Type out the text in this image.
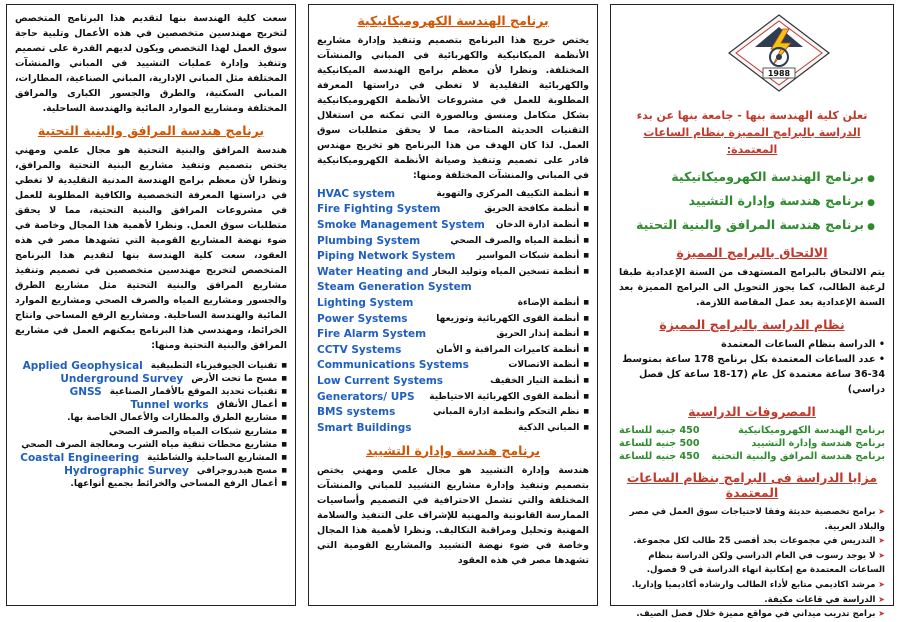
سعت كلية الهندسة بنها لتقديم هذا البرنامج المتخصص لتخريج مهندسين متخصصين في هذه الأعمال وتلبية حاجة سوق العمل لهذا التخصص ويكون لديهم القدرة على تصميم وتنفيذ وإدارة عمليات التشييد في المباني والمنشآت المختلفة مثل المباني الإدارية، المباني الصناعية، المطارات، المباني السكنية، والطرق والجسور الكبارى والمرافق المختلفة ومشاريع الموارد المائية والهندسة الساحلية.

برنامج هندسة المرافق والبنية التحتية

هندسة المرافق والبنية التحتية هو مجال علمي ومهني يختص بتصميم وتنفيذ مشاريع البنية التحتية والمرافق، ونظرا لأن معظم برامج الهندسة المدنية التقليدية لا تغطي في دراستها المعرفة التخصصية والكافية المطلوبة للعمل في مشروعات المرافق والبنية التحتية، مما لا يحقق متطلبات سوق العمل. ونظرا لأهمية هذا المجال وخاصة في ضوء نهضة المشاريع القومية التي تشهدها مصر في هذه العقود، سعت كلية الهندسة بنها لتقديم هذا البرنامج المتخصص لتخريج مهندسين متخصصين في تصميم وتنفيذ مشاريع المرافق والبنية التحتية مثل مشاريع الطرق والجسور ومشاريع المياه والصرف الصحي ومشاريع الموارد المائية والهندسة الساحلية. ومشاريع الرفع المساحي وانتاج الخرائط، ومهندسي هذا البرنامج يمكنهم العمل في مشاريع المرافق والبنية التحتية ومنها:

■ تقنيات الجيوفيزياء التطبيقية
Applied Geophysical
■ مسح ما تحت الأرض
Underground Survey
■ تقنيات تحديد الموقع بالأقمار الصناعية
GNSS
■ أعمال الأنفاق
Tunnel works
■ مشاريع الطرق والمطارات والأعمال الخاصة بها.
■ مشاريع شبكات المياه والصرف الصحي
■ مشاريع محطات تنقية مياه الشرب ومعالجة الصرف الصحي
■ المشاريع الساحلية والشاطئية
Coastal Engineering
■ مسح هيدروجرافي
Hydrographic Survey
■ أعمال الرفع المساحي والخرائط بجميع أنواعها.
برنامج الهندسة الكهروميكانيكية

يختص خريج هذا البرنامج بتصميم وتنفيذ وإدارة مشاريع الأنظمة الميكانيكية والكهربائية في المباني والمنشآت المختلفة. ونظرا لأن معظم برامج الهندسة الميكانيكية والكهربائية التقليدية لا تغطي في دراستها المعرفة المطلوبة للعمل في مشروعات الأنظمة الكهروميكانيكية بشكل متكامل ومنسق وبالصورة التي تمكنه من استغلال التقنيات الحديثة المتاحة، مما لا يحقق متطلبات سوق العمل. لذا كان الهدف من هذا البرنامج هو تخريج مهندس قادر على تصميم وتنفيذ وصيانة الأنظمة الكهروميكانيكية في المباني والمنشآت المختلفة ومنها:

■ أنظمة التكييف المركزي والتهوية
HVAC system
■ أنظمة مكافحة الحريق
Fire Fighting System
■ أنظمة ادارة الدخان
Smoke Management System
■ أنظمة المياه والصرف الصحي
Plumbing System
■ أنظمة شبكات المواسير
Piping Network System
■ أنظمة تسخين المياه وتوليد البخار
Water Heating and
Steam Generation System
■ أنظمة الإضاءة
Lighting System
■ أنظمة القوى الكهربائية وتوزيعها
Power Systems
■ أنظمة إنذار الحريق
Fire Alarm System
■ أنظمة كاميرات المراقبة و الأمان
CCTV Systems
■ أنظمة الاتصالات
Communications Systems
■ أنظمة التيار الخفيف
Low Current Systems
■ أنظمة القوى الكهربائية الاحتياطية
Generators/ UPS
■ نظم التحكم وانظمة ادارة المباني
BMS systems
■ المباني الذكية
Smart Buildings
برنامج هندسة وإدارة التشييد

هندسة وإدارة التشييد هو مجال علمي ومهني يختص بتصميم وتنفيذ وإدارة مشاريع التشييد للمباني والمنشآت المختلفة والتي تشمل الاحترافية في التصميم وأساسيات الممارسة القانونية والمهنية للإشراف على التنفيذ والسلامة المهنية وتحليل ومراقبة التكاليف. ونظرا لأهمية هذا المجال وخاصة في ضوء نهضة التشييد والمشاريع القومية التي تشهدها مصر في هذه العقود

1988
تعلن كلية الهندسة بنها - جامعة بنها عن بدء
الدراسة بالبرامج المميزة بنظام الساعات المعتمدة:
● برنامج الهندسة الكهروميكانيكية
● برنامج هندسة وإدارة التشييد
● برنامج هندسة المرافق والبنية التحتية
الالتحاق بالبرامج المميزة

يتم الالتحاق بالبرامج المستهدف من السنة الإعدادية طبقا لرغبة الطالب، كما يجوز التحويل الى البرامج المميزة بعد السنة الإعدادية بعد عمل المقاصة اللازمة.

نظام الدراسة بالبرامج المميزة
• الدراسة بنظام الساعات المعتمدة
• عدد الساعات المعتمدة بكل برنامج 178 ساعة بمتوسط 34-36 ساعة معتمدة كل عام (17-18 ساعة كل فصل دراسي)
المصروفات الدراسية
برنامج الهندسة الكهروميكانيكية	450 جنيه للساعة
برنامج هندسة وإدارة التشييد	500 جنيه للساعة
برنامج هندسة المرافق والبنية التحتية	450 جنيه للساعة
مزايا الدراسة فى البرامج بنظام الساعات المعتمدة
➤ برامج تخصصية حديثة وفقا لاحتياجات سوق العمل في مصر والبلاد العربية.
➤ التدريس في مجموعات بحد أقصى 25 طالب لكل مجموعة.
➤ لا يوجد رسوب في العام الدراسي ولكن الدراسة بنظام الساعات المعتمدة مع إمكانية انهاء الدراسة في 9 فصول.
➤ مرشد اكاديمي متابع لأداء الطالب وارشاده أكاديميا وإداريا.
➤ الدراسة في قاعات مكيفة.
➤ برامج تدريب ميداني في مواقع مميزة خلال فصل الصيف.
